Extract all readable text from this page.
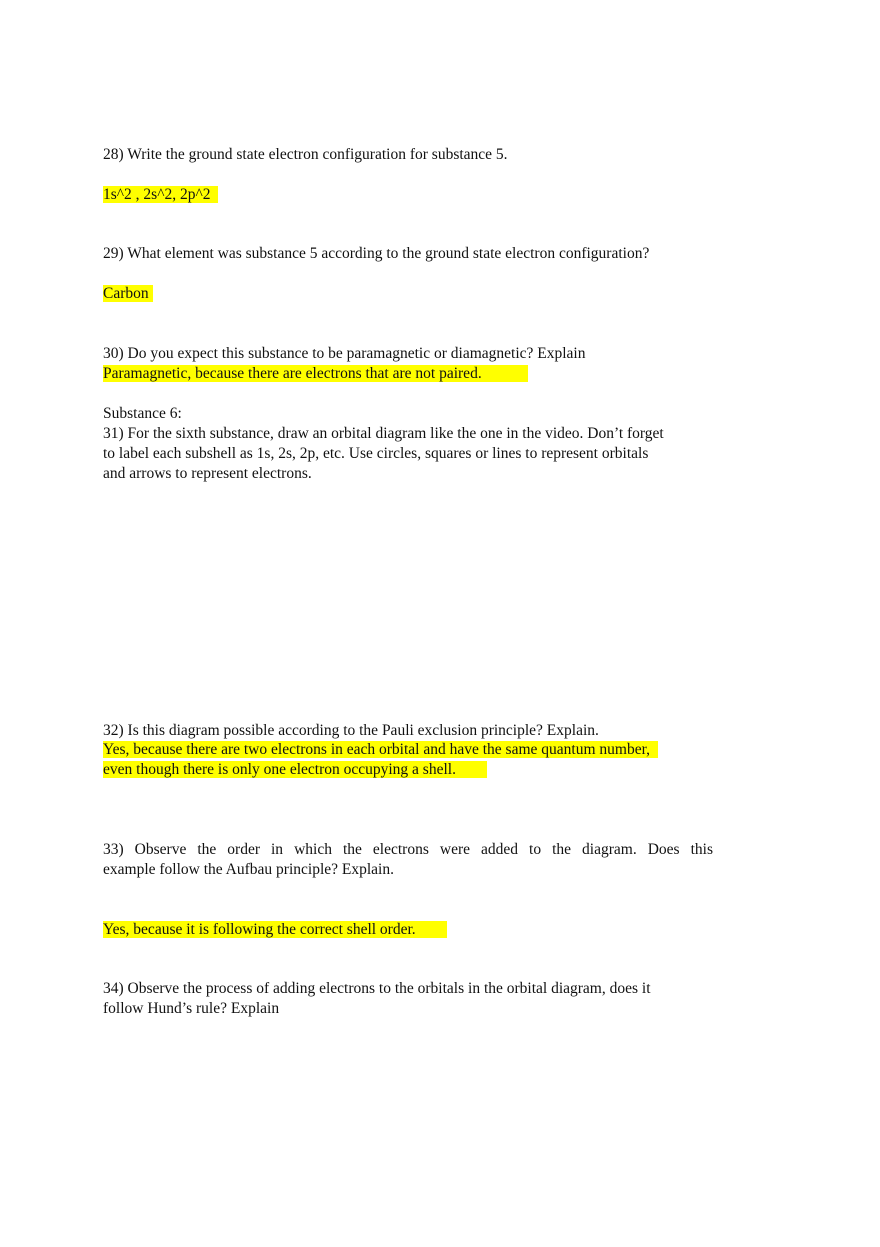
28) Write the ground state electron configuration for substance 5.
1s^2 , 2s^2, 2p^2
29) What element was substance 5 according to the ground state electron configuration?
Carbon
30) Do you expect this substance to be paramagnetic or diamagnetic? Explain
Paramagnetic, because there are electrons that are not paired.
Substance 6:
31) For the sixth substance, draw an orbital diagram like the one in the video. Don’t forget
to label each subshell as 1s, 2s, 2p, etc. Use circles, squares or lines to represent orbitals
and arrows to represent electrons.
32) Is this diagram possible according to the Pauli exclusion principle? Explain.
Yes, because there are two electrons in each orbital and have the same quantum number,
even though there is only one electron occupying a shell.
33) Observe the order in which the electrons were added to the diagram. Does this
example follow the Aufbau principle? Explain.
Yes, because it is following the correct shell order.
34) Observe the process of adding electrons to the orbitals in the orbital diagram, does it
follow Hund’s rule? Explain
